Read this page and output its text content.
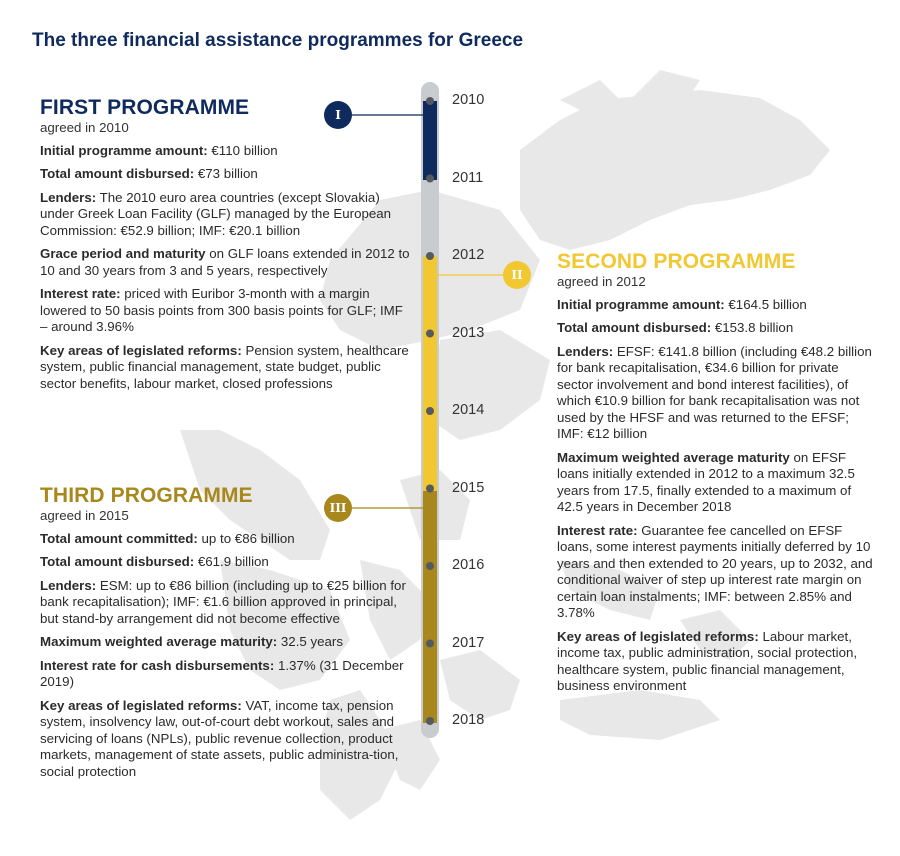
The three financial assistance programmes for Greece
2010
2011
2012
2013
2014
2015
2016
2017
2018
I
II
III
FIRST PROGRAMME
agreed in 2010

Initial programme amount: €110 billion

Total amount disbursed: €73 billion

Lenders: The 2010 euro area countries (except Slovakia) under Greek Loan Facility (GLF) managed by the European Commission: €52.9 billion; IMF: €20.1 billion

Grace period and maturity on GLF loans extended in 2012 to 10 and 30 years from 3 and 5 years, respectively

Interest rate: priced with Euribor 3-month with a margin lowered to 50 basis points from 300 basis points for GLF; IMF – around 3.96%

Key areas of legislated reforms: Pension system, healthcare system, public financial management, state budget, public sector benefits, labour market, closed professions

SECOND PROGRAMME
agreed in 2012

Initial programme amount: €164.5 billion

Total amount disbursed: €153.8 billion

Lenders: EFSF: €141.8 billion (including €48.2 billion for bank recapitalisation, €34.6 billion for private sector involvement and bond interest facilities), of which €10.9 billion for bank recapitalisation was not used by the HFSF and was returned to the EFSF; IMF: €12 billion

Maximum weighted average maturity on EFSF loans initially extended in 2012 to a maximum 32.5 years from 17.5, finally extended to a maximum of 42.5 years in December 2018

Interest rate: Guarantee fee cancelled on EFSF loans, some interest payments initially deferred by 10 years and then extended to 20 years, up to 2032, and conditional waiver of step up interest rate margin on certain loan instalments; IMF: between 2.85% and 3.78%

Key areas of legislated reforms: Labour market, income tax, public administration, social protection, healthcare system, public financial management, business environment

THIRD PROGRAMME
agreed in 2015

Total amount committed: up to €86 billion

Total amount disbursed: €61.9 billion

Lenders: ESM: up to €86 billion (including up to €25 billion for bank recapitalisation); IMF: €1.6 billion approved in principal, but stand-by arrangement did not become effective

Maximum weighted average maturity: 32.5 years

Interest rate for cash disbursements: 1.37% (31 December 2019)

Key areas of legislated reforms: VAT, income tax, pension system, insolvency law, out-of-court debt workout, sales and servicing of loans (NPLs), public revenue collection, product markets, management of state assets, public administra-tion, social protection
